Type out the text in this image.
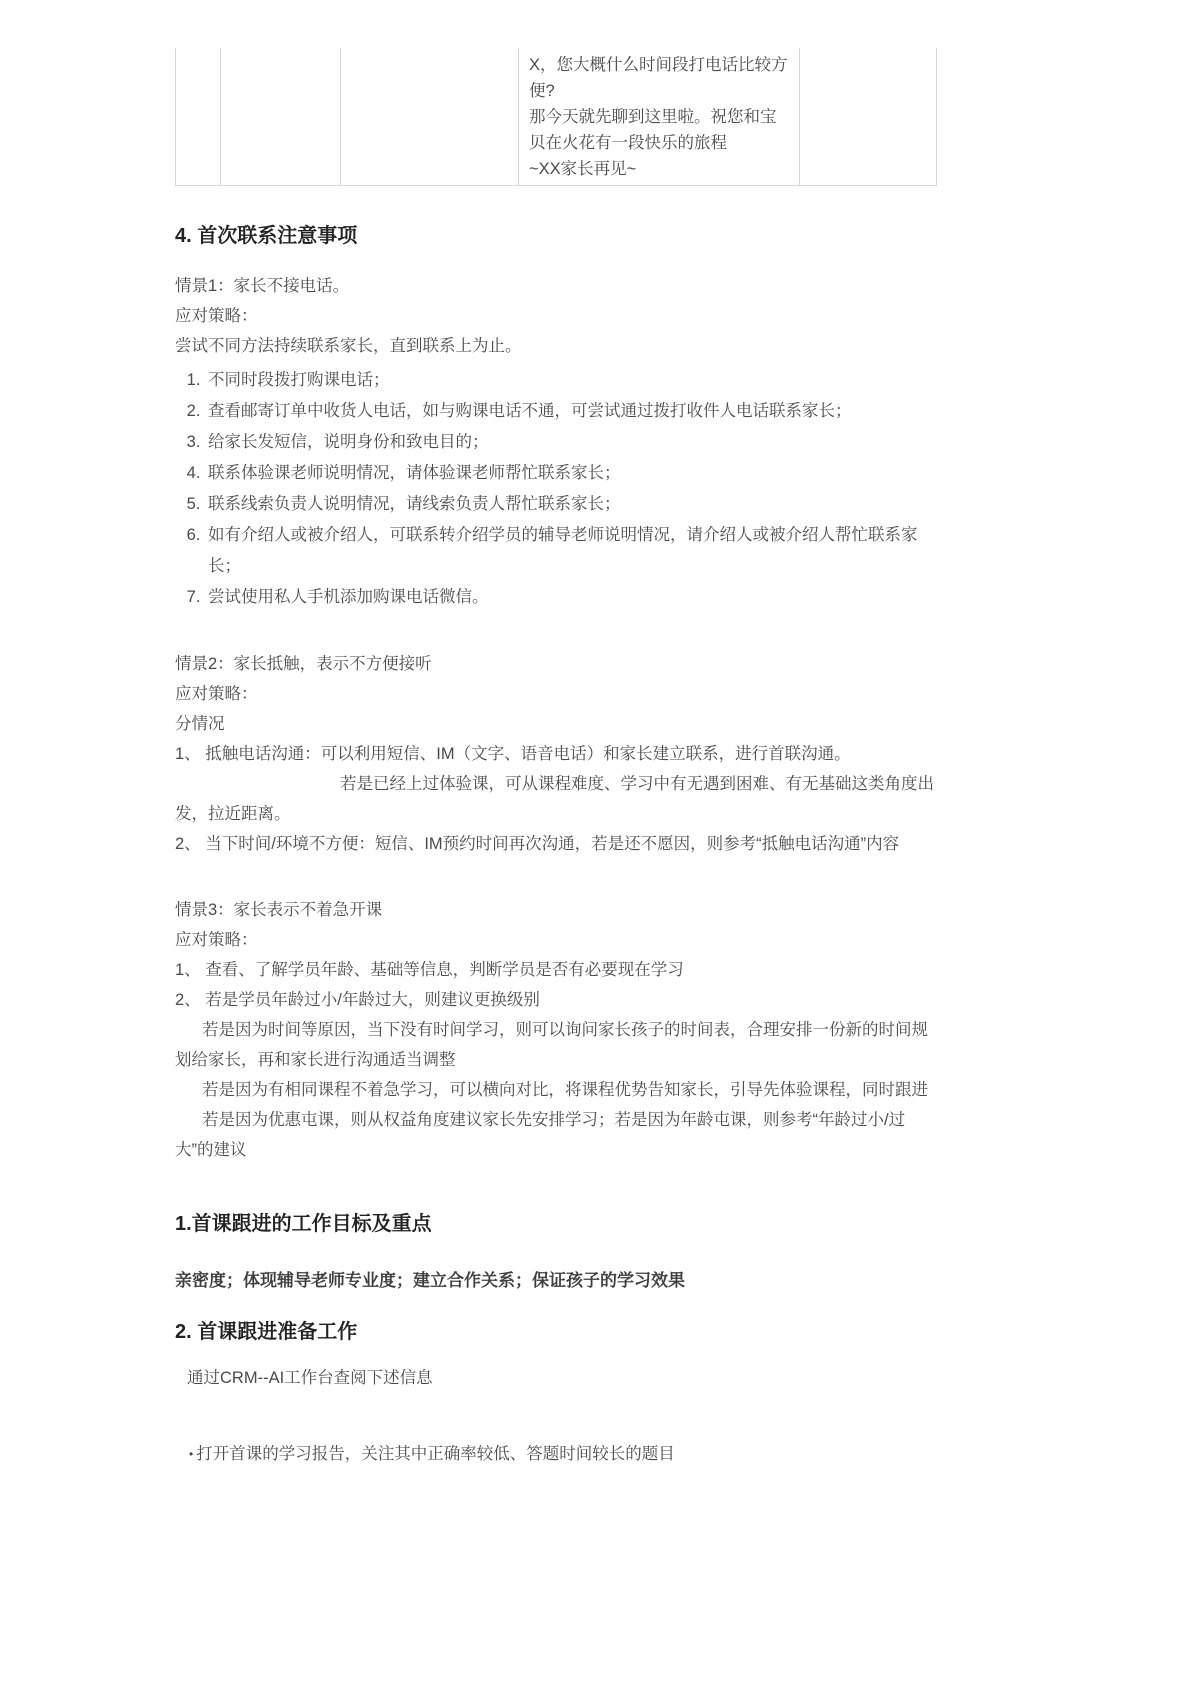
X，您大概什么时间段打电话比较方便?

那今天就先聊到这里啦。祝您和宝贝在火花有一段快乐的旅程

~XX家长再见~

4. 首次联系注意事项

情景1：家长不接电话。

应对策略：

尝试不同方法持续联系家长，直到联系上为止。

1. 不同时段拨打购课电话；
2. 查看邮寄订单中收货人电话，如与购课电话不通，可尝试通过拨打收件人电话联系家长；
3. 给家长发短信，说明身份和致电目的；
4. 联系体验课老师说明情况，请体验课老师帮忙联系家长；
5. 联系线索负责人说明情况，请线索负责人帮忙联系家长；
6. 如有介绍人或被介绍人，可联系转介绍学员的辅导老师说明情况，请介绍人或被介绍人帮忙联系家长；
7. 尝试使用私人手机添加购课电话微信。

情景2：家长抵触，表示不方便接听

应对策略：

分情况

1、 抵触电话沟通：可以利用短信、IM（文字、语音电话）和家长建立联系，进行首联沟通。

若是已经上过体验课，可从课程难度、学习中有无遇到困难、有无基础这类角度出发，拉近距离。

2、 当下时间/环境不方便：短信、IM预约时间再次沟通，若是还不愿因，则参考“抵触电话沟通”内容

情景3：家长表示不着急开课

应对策略：

1、 查看、了解学员年龄、基础等信息，判断学员是否有必要现在学习

2、 若是学员年龄过小/年龄过大，则建议更换级别

若是因为时间等原因，当下没有时间学习，则可以询问家长孩子的时间表，合理安排一份新的时间规划给家长，再和家长进行沟通适当调整

若是因为有相同课程不着急学习，可以横向对比，将课程优势告知家长，引导先体验课程，同时跟进

若是因为优惠屯课，则从权益角度建议家长先安排学习；若是因为年龄屯课，则参考“年龄过小/过大”的建议

1.首课跟进的工作目标及重点

亲密度；体现辅导老师专业度；建立合作关系；保证孩子的学习效果

2. 首课跟进准备工作

通过CRM--AI工作台查阅下述信息

• 打开首课的学习报告，关注其中正确率较低、答题时间较长的题目
